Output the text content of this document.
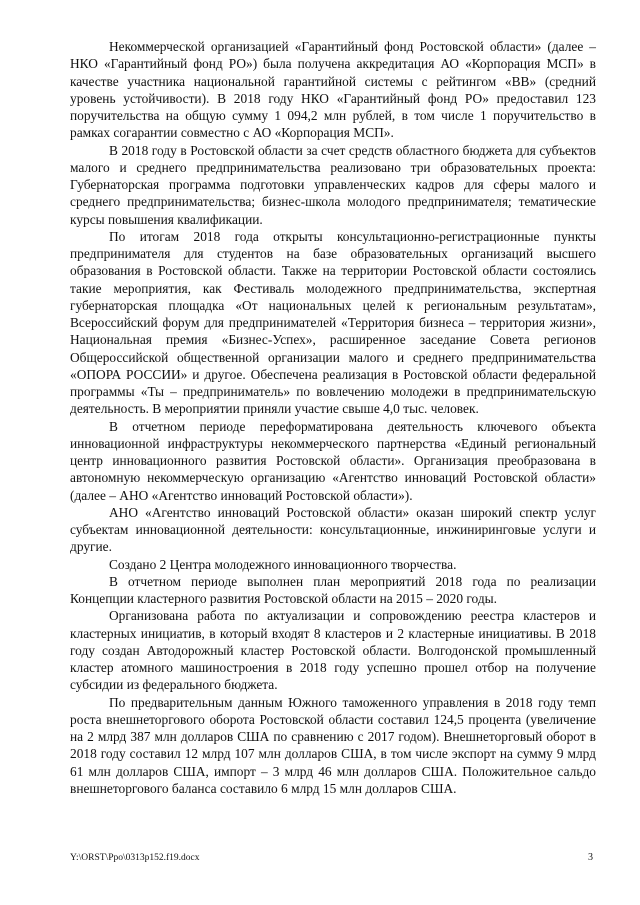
Некоммерческой организацией «Гарантийный фонд Ростовской области» (далее – НКО «Гарантийный фонд РО») была получена аккредитация АО «Корпорация МСП» в качестве участника национальной гарантийной системы с рейтингом «ВВ» (средний уровень устойчивости). В 2018 году НКО «Гарантийный фонд РО» предоставил 123 поручительства на общую сумму 1 094,2 млн рублей, в том числе 1 поручительство в рамках согарантии совместно с АО «Корпорация МСП».

В 2018 году в Ростовской области за счет средств областного бюджета для субъектов малого и среднего предпринимательства реализовано три образовательных проекта: Губернаторская программа подготовки управленческих кадров для сферы малого и среднего предпринимательства; бизнес-школа молодого предпринимателя; тематические курсы повышения квалификации.

По итогам 2018 года открыты консультационно-регистрационные пункты предпринимателя для студентов на базе образовательных организаций высшего образования в Ростовской области. Также на территории Ростовской области состоялись такие мероприятия, как Фестиваль молодежного предпринимательства, экспертная губернаторская площадка «От национальных целей к региональным результатам», Всероссийский форум для предпринимателей «Территория бизнеса – территория жизни», Национальная премия «Бизнес-Успех», расширенное заседание Совета регионов Общероссийской общественной организации малого и среднего предпринимательства «ОПОРА РОССИИ» и другое. Обеспечена реализация в Ростовской области федеральной программы «Ты – предприниматель» по вовлечению молодежи в предпринимательскую деятельность. В мероприятии приняли участие свыше 4,0 тыс. человек.

В отчетном периоде переформатирована деятельность ключевого объекта инновационной инфраструктуры некоммерческого партнерства «Единый региональный центр инновационного развития Ростовской области». Организация преобразована в автономную некоммерческую организацию «Агентство инноваций Ростовской области» (далее – АНО «Агентство инноваций Ростовской области»).

АНО «Агентство инноваций Ростовской области» оказан широкий спектр услуг субъектам инновационной деятельности: консультационные, инжиниринговые услуги и другие.

Создано 2 Центра молодежного инновационного творчества.

В отчетном периоде выполнен план мероприятий 2018 года по реализации Концепции кластерного развития Ростовской области на 2015 – 2020 годы.

Организована работа по актуализации и сопровождению реестра кластеров и кластерных инициатив, в который входят 8 кластеров и 2 кластерные инициативы. В 2018 году создан Автодорожный кластер Ростовской области. Волгодонской промышленный кластер атомного машиностроения в 2018 году успешно прошел отбор на получение субсидии из федерального бюджета.

По предварительным данным Южного таможенного управления в 2018 году темп роста внешнеторгового оборота Ростовской области составил 124,5 процента (увеличение на 2 млрд 387 млн долларов США по сравнению с 2017 годом). Внешнеторговый оборот в 2018 году составил 12 млрд 107 млн долларов США, в том числе экспорт на сумму 9 млрд 61 млн долларов США, импорт – 3 млрд 46 млн долларов США. Положительное сальдо внешнеторгового баланса составило 6 млрд 15 млн долларов США.

Y:\ORST\Ppo\0313p152.f19.docx	3
